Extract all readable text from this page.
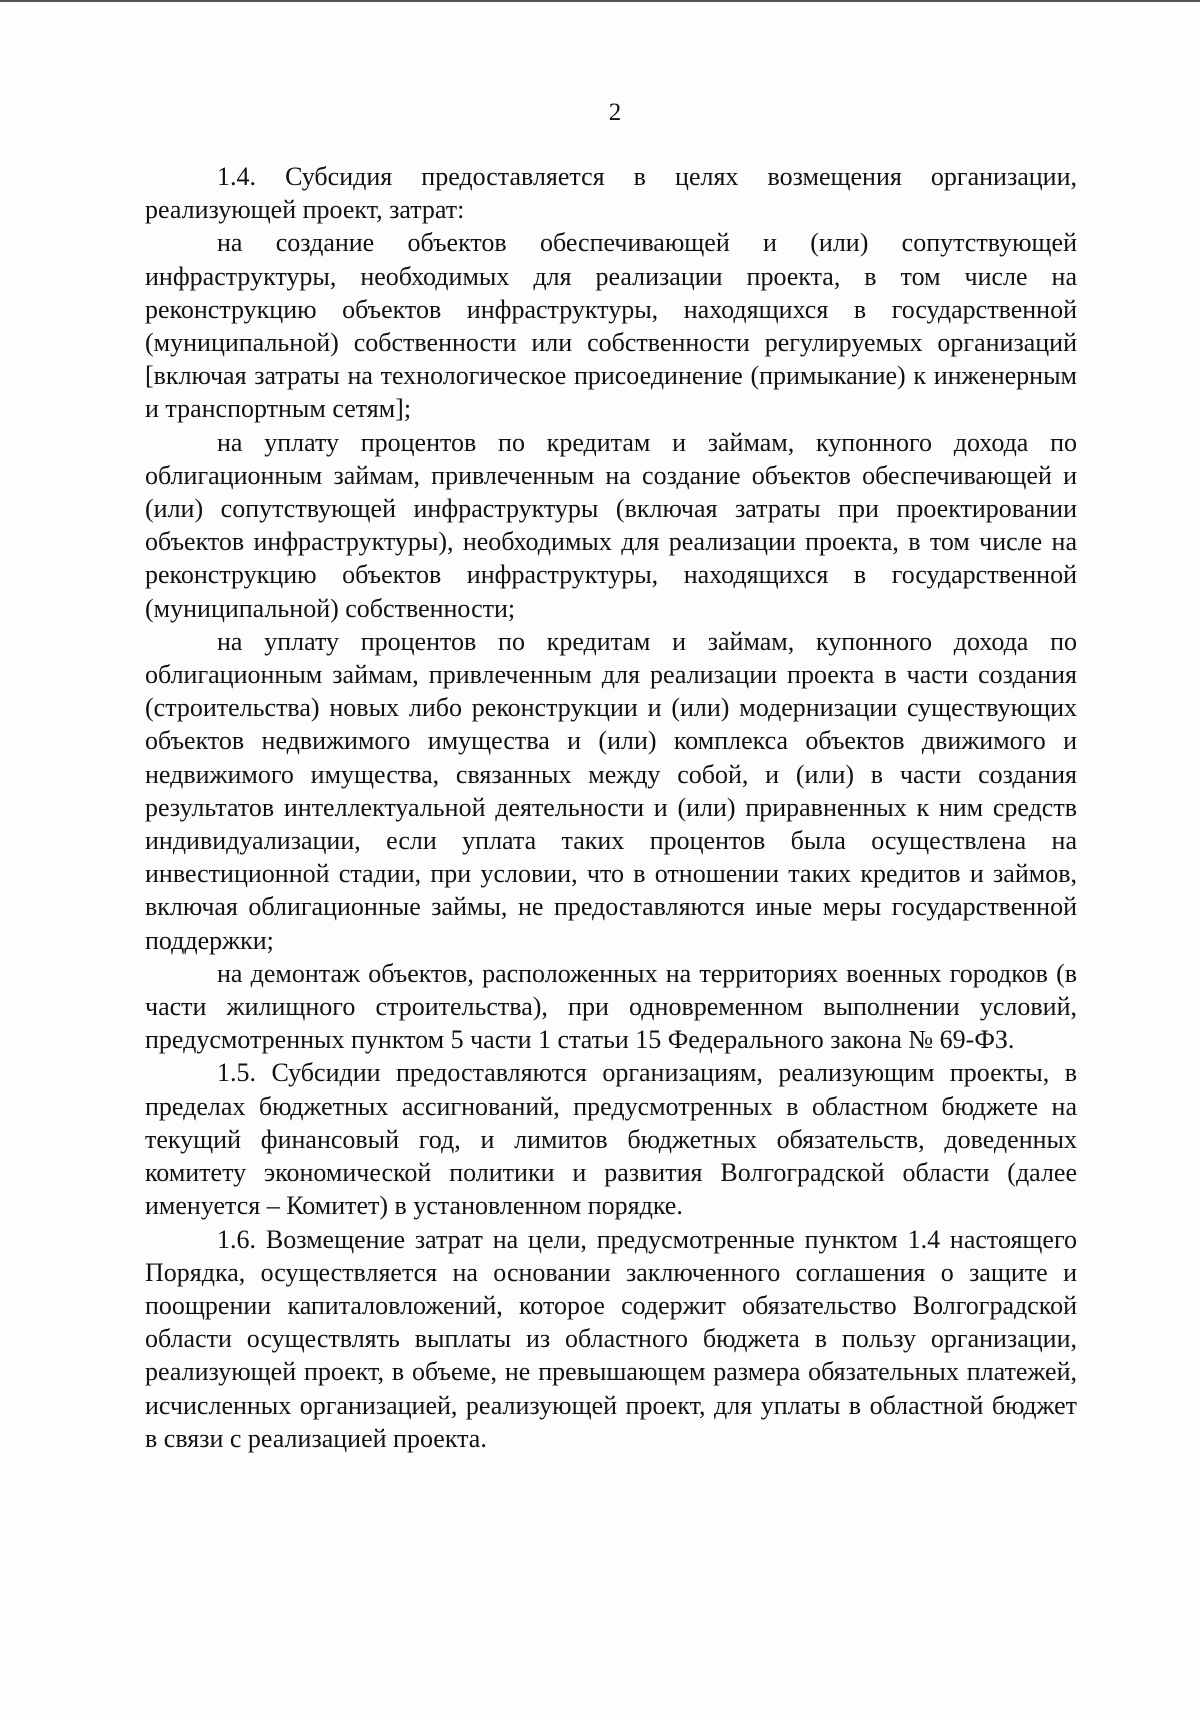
2

1.4. Субсидия предоставляется в целях возмещения организации, реализующей проект, затрат:

на создание объектов обеспечивающей и (или) сопутствующей инфраструктуры, необходимых для реализации проекта, в том числе на реконструкцию объектов инфраструктуры, находящихся в государственной (муниципальной) собственности или собственности регулируемых организаций [включая затраты на технологическое присоединение (примыкание) к инженерным и транспортным сетям];

на уплату процентов по кредитам и займам, купонного дохода по облигационным займам, привлеченным на создание объектов обеспечивающей и (или) сопутствующей инфраструктуры (включая затраты при проектировании объектов инфраструктуры), необходимых для реализации проекта, в том числе на реконструкцию объектов инфраструктуры, находящихся в государственной (муниципальной) собственности;

на уплату процентов по кредитам и займам, купонного дохода по облигационным займам, привлеченным для реализации проекта в части создания (строительства) новых либо реконструкции и (или) модернизации существующих объектов недвижимого имущества и (или) комплекса объектов движимого и недвижимого имущества, связанных между собой, и (или) в части создания результатов интеллектуальной деятельности и (или) приравненных к ним средств индивидуализации, если уплата таких процентов была осуществлена на инвестиционной стадии, при условии, что в отношении таких кредитов и займов, включая облигационные займы, не предоставляются иные меры государственной поддержки;

на демонтаж объектов, расположенных на территориях военных городков (в части жилищного строительства), при одновременном выполнении условий, предусмотренных пунктом 5 части 1 статьи 15 Федерального закона № 69-ФЗ.

1.5. Субсидии предоставляются организациям, реализующим проекты, в пределах бюджетных ассигнований, предусмотренных в областном бюджете на текущий финансовый год, и лимитов бюджетных обязательств, доведенных комитету экономической политики и развития Волгоградской области (далее именуется – Комитет) в установленном порядке.

1.6. Возмещение затрат на цели, предусмотренные пунктом 1.4 настоящего Порядка, осуществляется на основании заключенного соглашения о защите и поощрении капиталовложений, которое содержит обязательство Волгоградской области осуществлять выплаты из областного бюджета в пользу организации, реализующей проект, в объеме, не превышающем размера обязательных платежей, исчисленных организацией, реализующей проект, для уплаты в областной бюджет в связи с реализацией проекта.
